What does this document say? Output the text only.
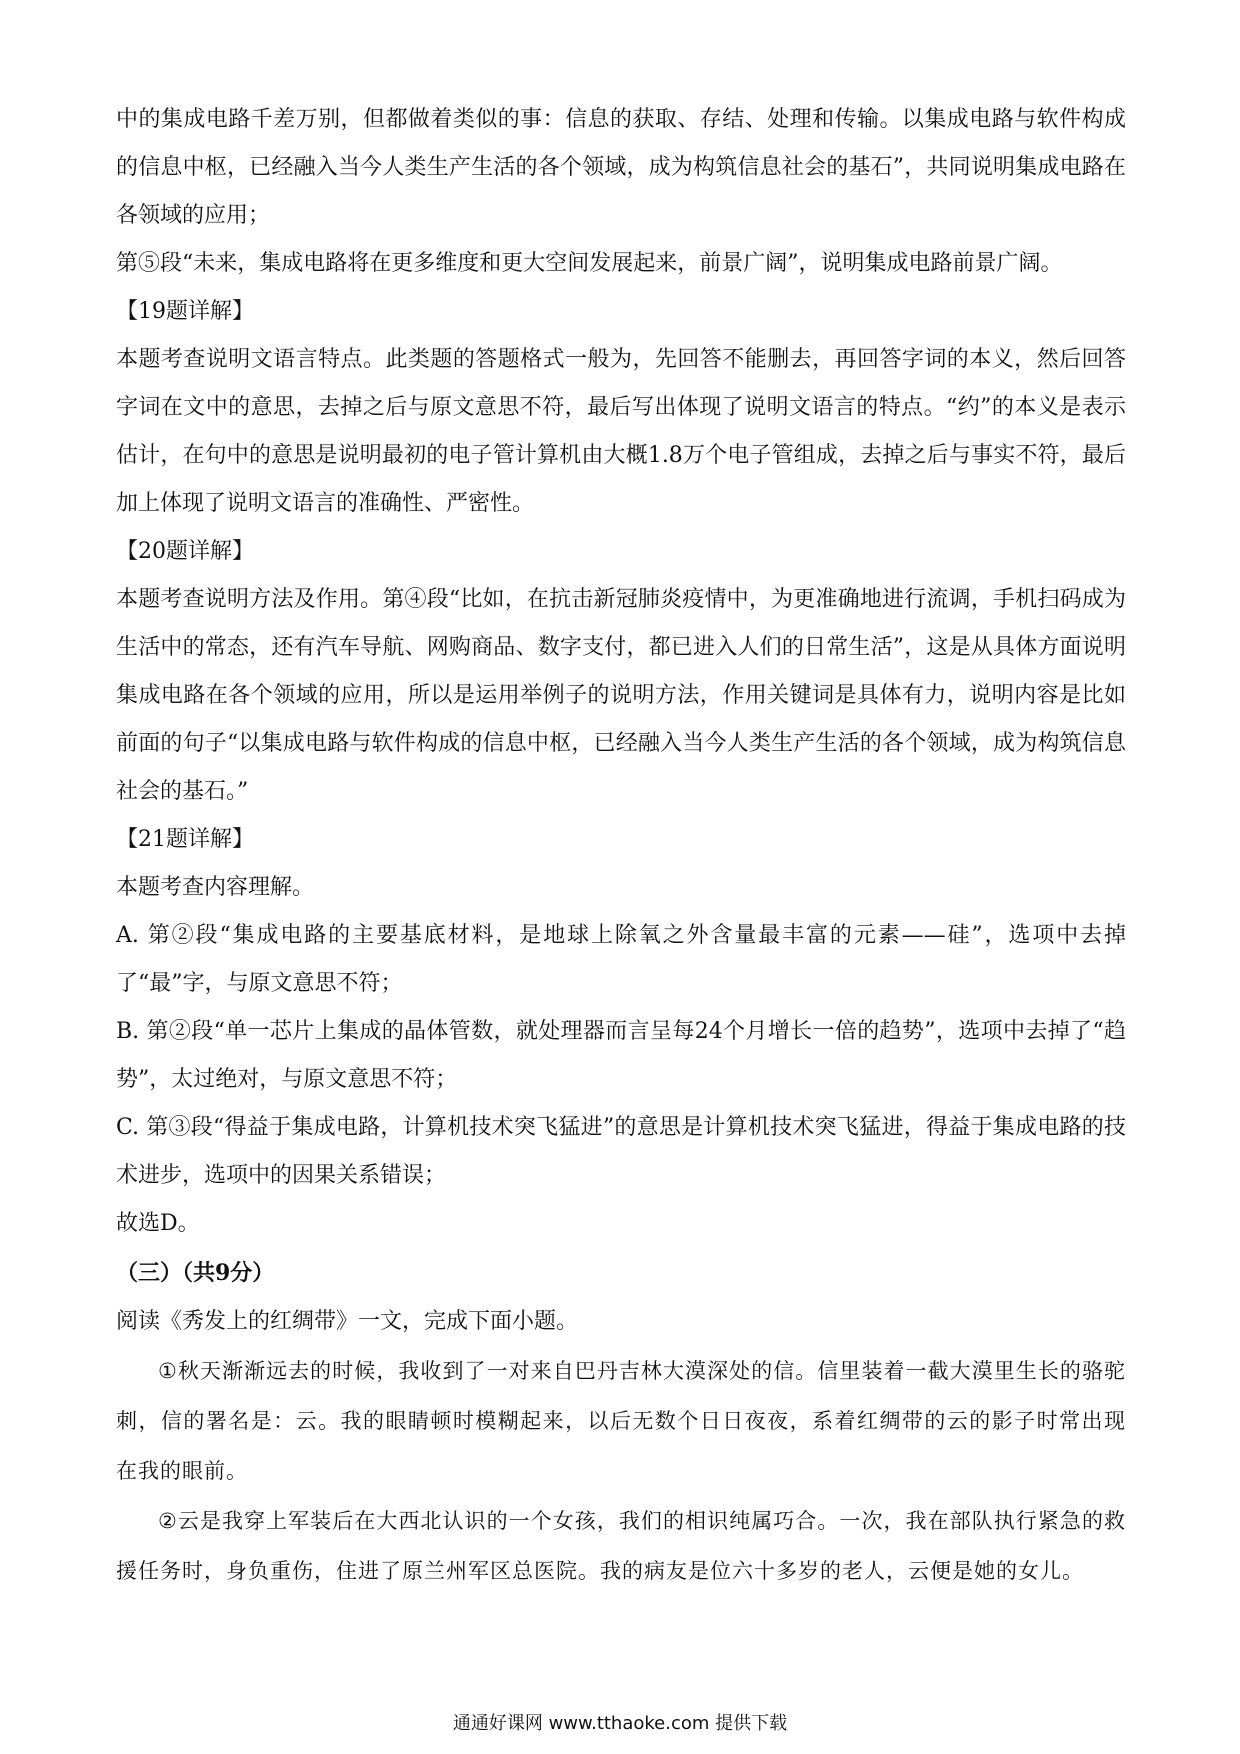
中的集成电路千差万别，但都做着类似的事：信息的获取、存结、处理和传输。以集成电路与软件构成的信息中枢，已经融入当今人类生产生活的各个领域，成为构筑信息社会的基石”，共同说明集成电路在各领域的应用；

第⑤段“未来，集成电路将在更多维度和更大空间发展起来，前景广阔”，说明集成电路前景广阔。

【19题详解】

本题考查说明文语言特点。此类题的答题格式一般为，先回答不能删去，再回答字词的本义，然后回答字词在文中的意思，去掉之后与原文意思不符，最后写出体现了说明文语言的特点。“约”的本义是表示估计，在句中的意思是说明最初的电子管计算机由大概1.8万个电子管组成，去掉之后与事实不符，最后加上体现了说明文语言的准确性、严密性。

【20题详解】

本题考查说明方法及作用。第④段“比如，在抗击新冠肺炎疫情中，为更准确地进行流调，手机扫码成为生活中的常态，还有汽车导航、网购商品、数字支付，都已进入人们的日常生活”，这是从具体方面说明集成电路在各个领域的应用，所以是运用举例子的说明方法，作用关键词是具体有力，说明内容是比如前面的句子“以集成电路与软件构成的信息中枢，已经融入当今人类生产生活的各个领域，成为构筑信息社会的基石。”

【21题详解】

本题考查内容理解。

A. 第②段“集成电路的主要基底材料，是地球上除氧之外含量最丰富的元素——硅”，选项中去掉了“最”字，与原文意思不符；

B. 第②段“单一芯片上集成的晶体管数，就处理器而言呈每24个月增长一倍的趋势”，选项中去掉了“趋势”，太过绝对，与原文意思不符；

C. 第③段“得益于集成电路，计算机技术突飞猛进”的意思是计算机技术突飞猛进，得益于集成电路的技术进步，选项中的因果关系错误；

故选D。

（三）（共9分）

阅读《秀发上的红绸带》一文，完成下面小题。

①秋天渐渐远去的时候，我收到了一对来自巴丹吉林大漠深处的信。信里装着一截大漠里生长的骆驼刺，信的署名是：云。我的眼睛顿时模糊起来，以后无数个日日夜夜，系着红绸带的云的影子时常出现在我的眼前。

②云是我穿上军装后在大西北认识的一个女孩，我们的相识纯属巧合。一次，我在部队执行紧急的救援任务时，身负重伤，住进了原兰州军区总医院。我的病友是位六十多岁的老人，云便是她的女儿。

通通好课网 www.tthaoke.com 提供下载
